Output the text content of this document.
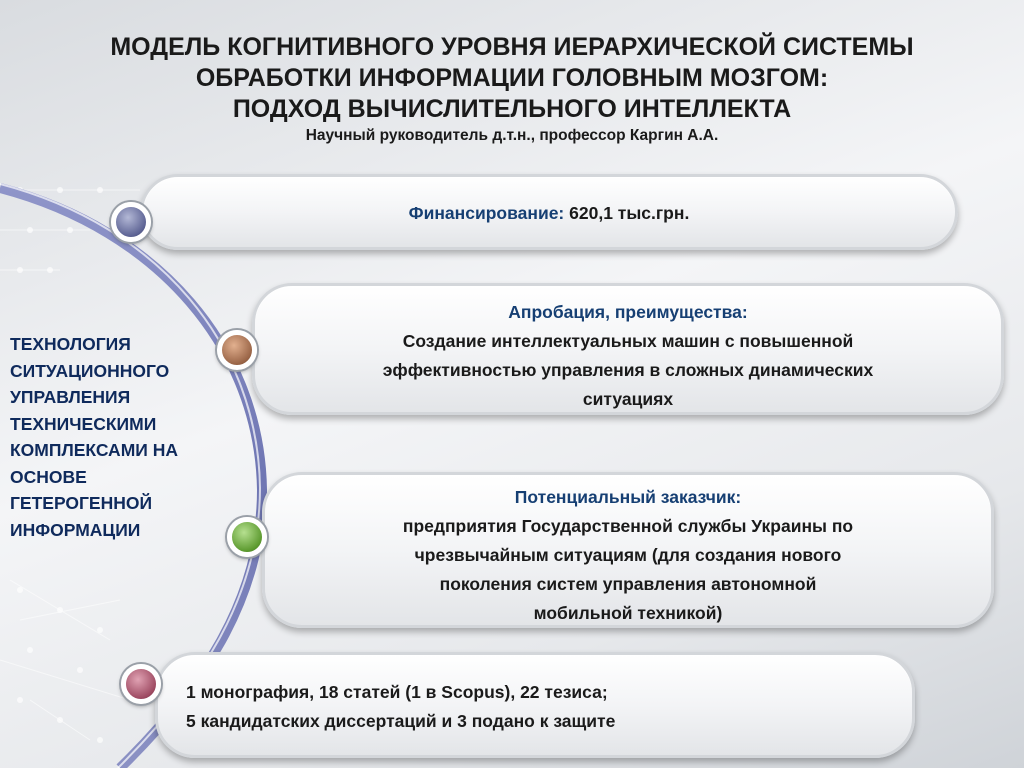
МОДЕЛЬ КОГНИТИВНОГО УРОВНЯ ИЕРАРХИЧЕСКОЙ СИСТЕМЫ
ОБРАБОТКИ ИНФОРМАЦИИ ГОЛОВНЫМ МОЗГОМ:
ПОДХОД ВЫЧИСЛИТЕЛЬНОГО ИНТЕЛЛЕКТА
Научный руководитель д.т.н., профессор Каргин А.А.
ТЕХНОЛОГИЯ
СИТУАЦИОННОГО
УПРАВЛЕНИЯ
ТЕХНИЧЕСКИМИ
КОМПЛЕКСАМИ НА
ОСНОВЕ
ГЕТЕРОГЕННОЙ
ИНФОРМАЦИИ
Финансирование: 620,1 тыс.грн.
Апробация, преимущества:
Создание интеллектуальных машин с повышенной
эффективностью управления в сложных динамических
ситуациях
Потенциальный заказчик:
предприятия Государственной службы Украины по
чрезвычайным ситуациям (для создания нового
поколения систем управления автономной
мобильной техникой)
1 монография, 18 статей (1 в Scopus), 22 тезиса;
5 кандидатских диссертаций и 3 подано к защите
